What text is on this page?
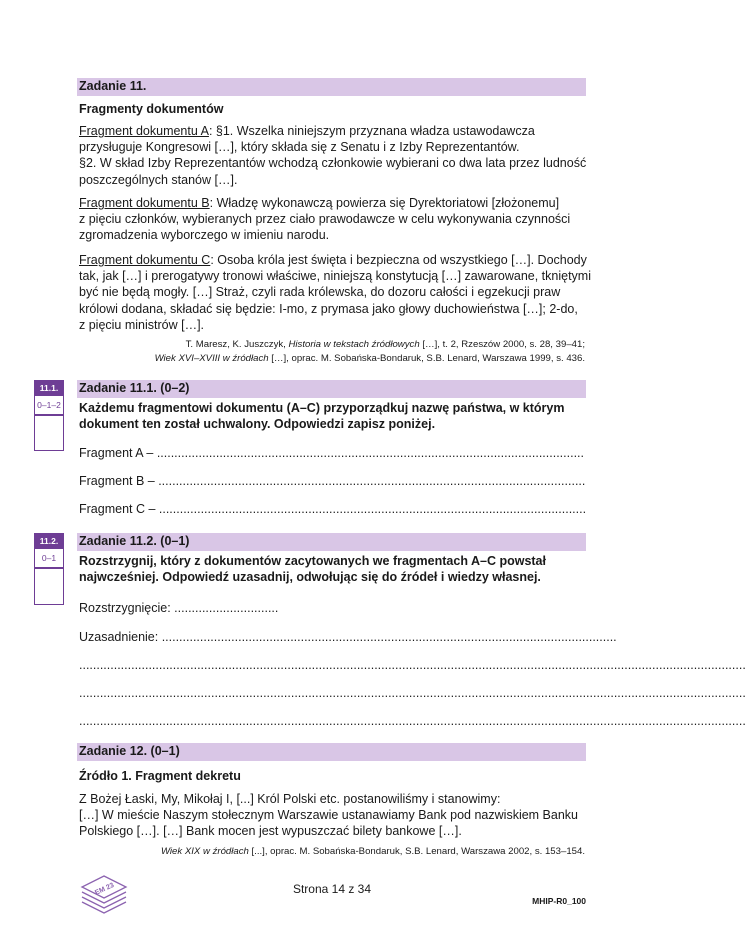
Zadanie 11.
Fragmenty dokumentów
Fragment dokumentu A: §1. Wszelka niniejszym przyznana władza ustawodawcza
przysługuje Kongresowi […], który składa się z Senatu i z Izby Reprezentantów.
§2. W skład Izby Reprezentantów wchodzą członkowie wybierani co dwa lata przez ludność
poszczególnych stanów […].
Fragment dokumentu B: Władzę wykonawczą powierza się Dyrektoriatowi [złożonemu]
z pięciu członków, wybieranych przez ciało prawodawcze w celu wykonywania czynności
zgromadzenia wyborczego w imieniu narodu.
Fragment dokumentu C: Osoba króla jest święta i bezpieczna od wszystkiego […]. Dochody
tak, jak […] i prerogatywy tronowi właściwe, niniejszą konstytucją […] zawarowane, tkniętymi
być nie będą mogły. […] Straż, czyli rada królewska, do dozoru całości i egzekucji praw
królowi dodana, składać się będzie: I-mo, z prymasa jako głowy duchowieństwa […]; 2-do,
z pięciu ministrów […].
T. Maresz, K. Juszczyk, Historia w tekstach źródłowych […], t. 2, Rzeszów 2000, s. 28, 39–41;
Wiek XVI–XVIII w źródłach […], oprac. M. Sobańska-Bondaruk, S.B. Lenard, Warszawa 1999, s. 436.
11.1.
0–1–2
Zadanie 11.1. (0–2)
Każdemu fragmentowi dokumentu (A–C) przyporządkuj nazwę państwa, w którym
dokument ten został uchwalony. Odpowiedzi zapisz poniżej.
Fragment A – ...........................................................................................................................
Fragment B – ...........................................................................................................................
Fragment C – ...........................................................................................................................
11.2.
0–1
Zadanie 11.2. (0–1)
Rozstrzygnij, który z dokumentów zacytowanych we fragmentach A–C powstał
najwcześniej. Odpowiedź uzasadnij, odwołując się do źródeł i wiedzy własnej.
Rozstrzygnięcie: ..............................
Uzasadnienie: ...................................................................................................................................
................................................................................................................................................................................................
................................................................................................................................................................................................
................................................................................................................................................................................................
Zadanie 12. (0–1)
Źródło 1. Fragment dekretu
Z Bożej Łaski, My, Mikołaj I, [...] Król Polski etc. postanowiliśmy i stanowimy:
[…] W mieście Naszym stołecznym Warszawie ustanawiamy Bank pod nazwiskiem Banku
Polskiego […]. […] Bank mocen jest wypuszczać bilety bankowe […].
Wiek XIX w źródłach [...], oprac. M. Sobańska-Bondaruk, S.B. Lenard, Warszawa 2002, s. 153–154.
EM 23	Strona 14 z 34
MHIP-R0_100
